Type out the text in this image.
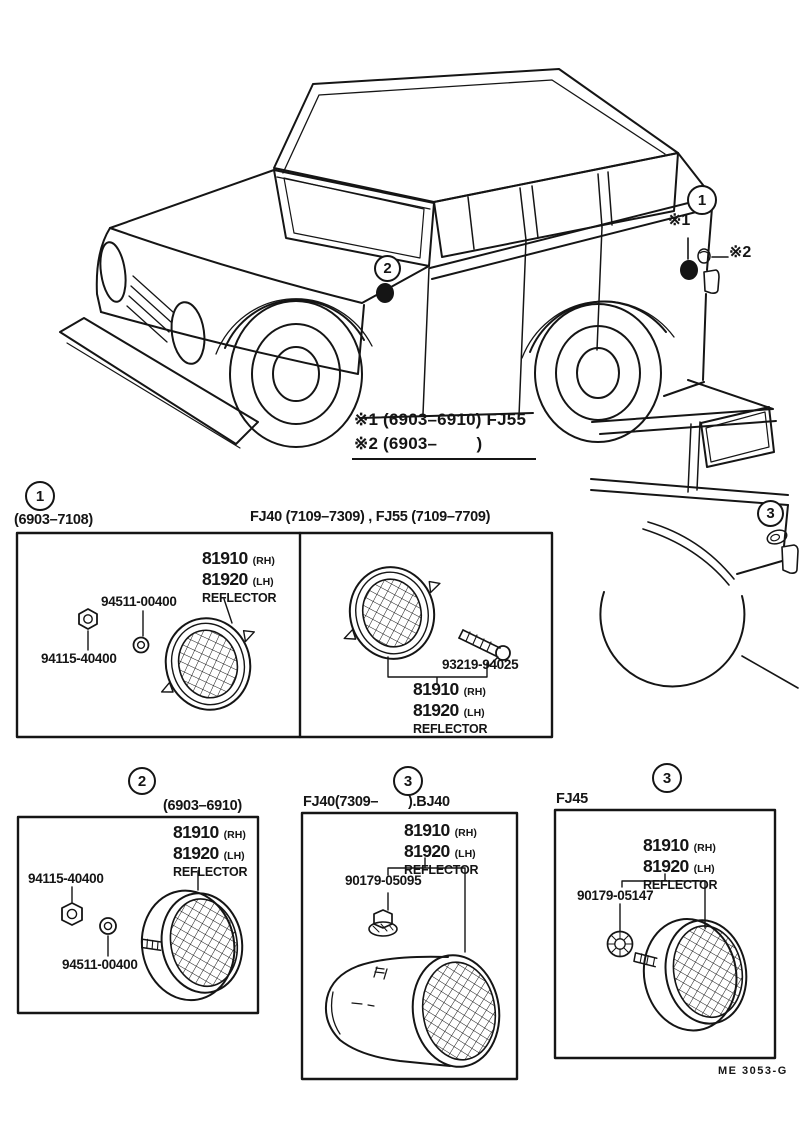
1
2
3
1
2	3	3
※1
※2
※1 (6903–6910) FJ55
※2 (6903–        )
(6903–7108)	FJ40 (7109–7309) , FJ55 (7109–7709)
(6903–6910)	FJ40(7309–        ).BJ40	FJ45
81910 (RH)
81920 (LH)
REFLECTOR
94511-00400
94115-40400	93219-94025
81910 (RH)
81920 (LH)
REFLECTOR
81910 (RH)
81920 (LH)
REFLECTOR
94115-40400
94511-00400
81910 (RH)
81920 (LH)
REFLECTOR
90179-05095
81910 (RH)
81920 (LH)
REFLECTOR
90179-05147
ME 3053-G
